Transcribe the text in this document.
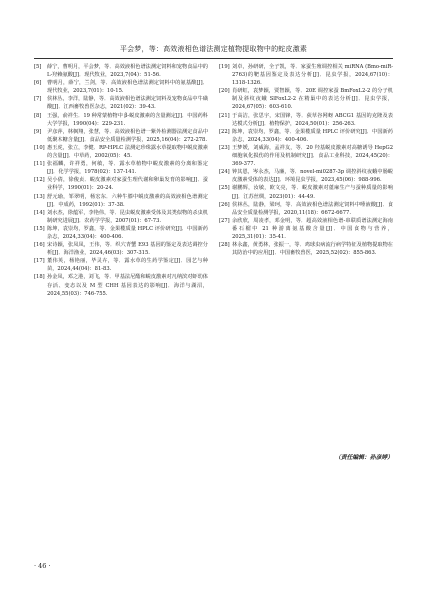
平会梦，等：高效液相色谱法测定植物提取物中的蛇皮激素
[5]	薛宁，曹明月，平会梦，等．高效液相色谱法测定饲料和宠物食品中的 L-羟赖氨酸[J]．现代牧业，2023,7(04)：51-56.
[6]	曹明月，薛宁，兰剑，等．高效液相色谱法测定饲料中的氨基酸[J]．现代牧业，2023,7(01)：10-15.
[7]	侯林丛，李洋，陆静，等．高效液相色谱法测定饲料及宠物食品中牛磺酸[J]．江西畜牧兽医杂志，2021(02)：39-43.
[8]	王强，俞祥生．19 种常蒙植物中 β-蜕皮激素的含量测定[J]．中国药科大学学报，1990(04)：229-231.
[9]	尹彦萍，林枫翔，张慧，等．高效液相色谱一紫外检测器法测定食品中低聚木糖含量[J]．食品安全质量检测学报，2025,16(04)：272-278.
[10] 惠玉虎，张立，李健．RP-HPLC 法测定珍珠露水草提取物中蜕皮激素的含量[J]．中草药，2002(05)：45.
[11] 张福麟，许祥勇，何敏，等．露水草植物中蜕皮激素的分离和鉴定[J]．化学学报，1978(02)：137-141.
[12] 吴小倩，徐俊贞．蜕皮激素对家蚕生理代谢和卵巢发育的影响[J]．蚕业科学，1990(01)：20-24.
[13] 舒元瑜，邹翠明，杨宏东．六种牛膝中蜕皮激素的高效液相色谱测定[J]．中成药，1992(01)：37-38.
[14] 刘水杰，徐蕴军，李艳伟，等．昆虫蜕皮激素受体及其类似物的杀虫机制研究进展[J]．农药学学报，2007(01)：67-73.
[15] 陈坤，袁崇均，罗鑫，等．金果榄质量 HPLC 评价研究[J]．中国新药杂志，2024,33(04)：400-406.
[16] 宋诗颖，张凤凤，王伟，等．织穴青蟹 E93 基因的鉴定及表达调控分析[J]．海洋渔业，2024,46(03)：307-315.
[17] 董伟英，杨艳丽，毕灵卉，等．露水草的生药学鉴定[J]．园艺与种苗，2024,44(04)：81-83.
[18] 孙金凤，邓之港，刘飞，等．甲基法尼酯和蜕皮激素对凡纳滨对虾幼体存活、变态以及 M 型 CHH 基因表达的影响[J]．海洋与湖沼，2024,55(03)：746-755.
[19] 刘卓，孙研研，全子凯，等．家蚕生殖调控相关 miRNA (Bmo-miR-2763)的靶基因鉴定及表达分析[J]．昆虫学报，2024,67(10)：1318-1326.
[20] 肖研虹，袁梦颖，贾智颖，等．20E 调控家蚕 BmFoxL2-2 的分子机制及斜纹夜蛾 SlFoxL2-2 在精巢中的表达分析[J]．昆虫学报，2024,67(05)：603-610.
[21] 于高洁，张思宇，宋国锋，等．荻草谷网蚜 ABCG1 基因的克隆及表达模式分析[J]．植物保护，2024,50(01)：256-263.
[22] 陈坤，袁崇均，罗鑫，等．金果榄质量 HPLC 评价研究[J]．中国新药杂志，2024,33(04)：400-406.
[23] 王梦媛，刘威海，孟祥友，等．20 羟基蜕皮激素对高糖诱导 HepG2 细胞氧化损伤的作用及机制研究[J]．食品工业科技，2024,45(20)：369-377.
[24] 钟其恩，岑永杰，马廉，等．novel-mi0287-3p 调控斜纹夜蛾中肠蜕皮激素受体的表达[J]．环境昆虫学报，2023,45(06)：988-996.
[25] 谢鹏辉，汝敏，欧文亮，等．蜕皮激素对蓖麻生产与蚕种质量的影响[J]．江苏丝绸，2023(01)：44-49.
[26] 侯林丛，陆静，梁珂，等．高效液相色谱法测定饲料中唾液酸[J]．食品安全质量检测学报，2020,11(18)：6672-6677.
[27] 余欣欣，周凌孝，邓金明，等．超高效液相色谱-串联质谱法测定海南番石榴中 21 种游离氨基酸含量[J]．中国食物与营养，2025,31(01)：35-41.
[28] 林永鑫，黄勇林，张振一，等．鸡球虫病流行病学特征及植物提取物在其防治中的应用[J]．中国畜牧兽医，2025,52(02)：855-863.
（责任编辑：孙彦婷）
· 46 ·
